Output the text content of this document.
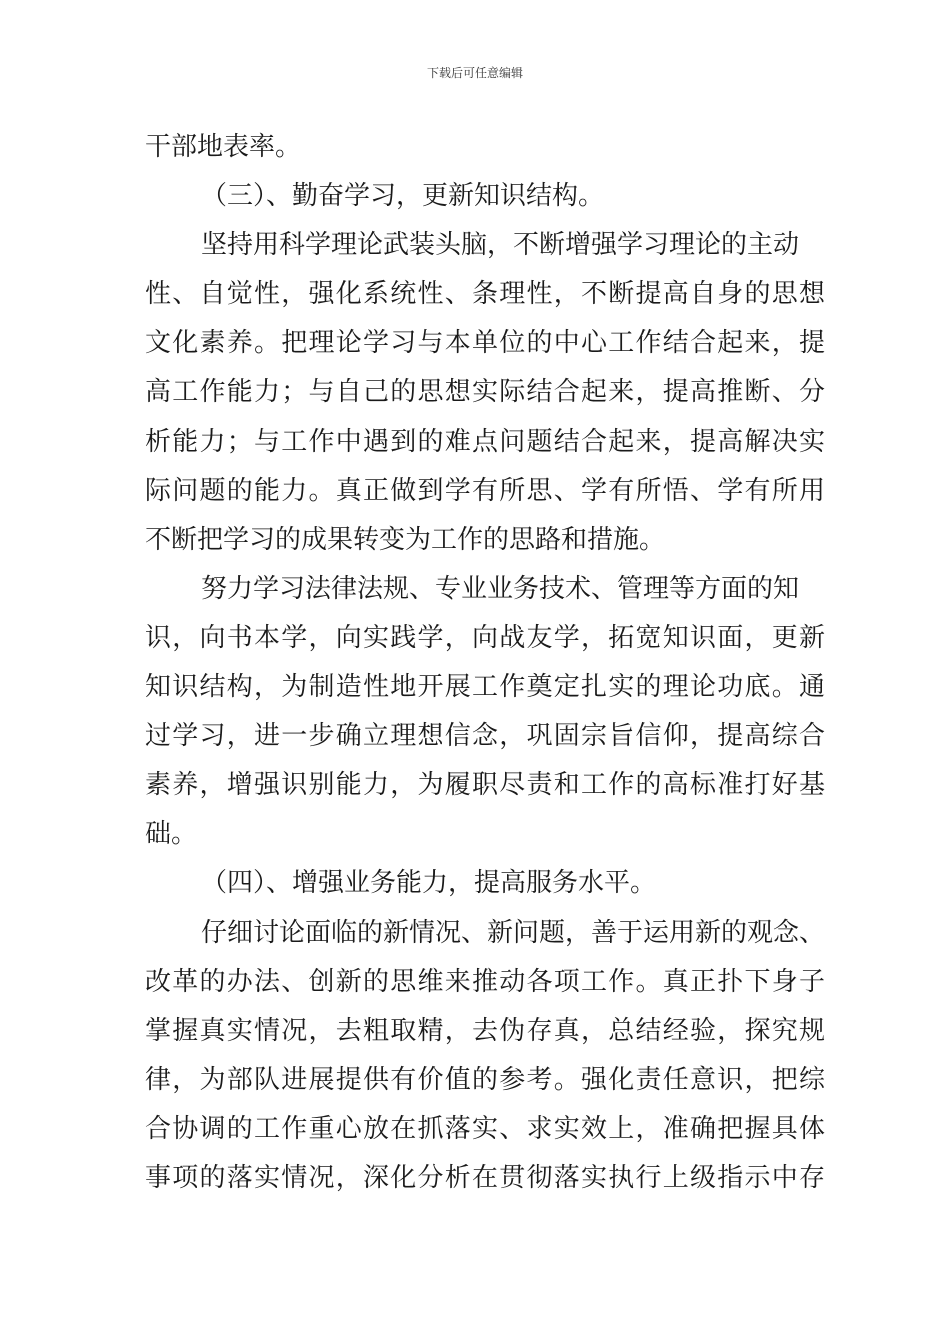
下载后可任意编辑
干部地表率。
（三）、勤奋学习，更新知识结构。
坚持用科学理论武装头脑，不断增强学习理论的主动
性、自觉性，强化系统性、条理性，不断提高自身的思想
文化素养。把理论学习与本单位的中心工作结合起来，提
高工作能力；与自己的思想实际结合起来，提高推断、分
析能力；与工作中遇到的难点问题结合起来，提高解决实
际问题的能力。真正做到学有所思、学有所悟、学有所用
不断把学习的成果转变为工作的思路和措施。
努力学习法律法规、专业业务技术、管理等方面的知
识，向书本学，向实践学，向战友学，拓宽知识面，更新
知识结构，为制造性地开展工作奠定扎实的理论功底。通
过学习，进一步确立理想信念，巩固宗旨信仰，提高综合
素养，增强识别能力，为履职尽责和工作的高标准打好基
础。
（四）、增强业务能力，提高服务水平。
仔细讨论面临的新情况、新问题，善于运用新的观念、
改革的办法、创新的思维来推动各项工作。真正扑下身子
掌握真实情况，去粗取精，去伪存真，总结经验，探究规
律，为部队进展提供有价值的参考。强化责任意识，把综
合协调的工作重心放在抓落实、求实效上，准确把握具体
事项的落实情况，深化分析在贯彻落实执行上级指示中存
